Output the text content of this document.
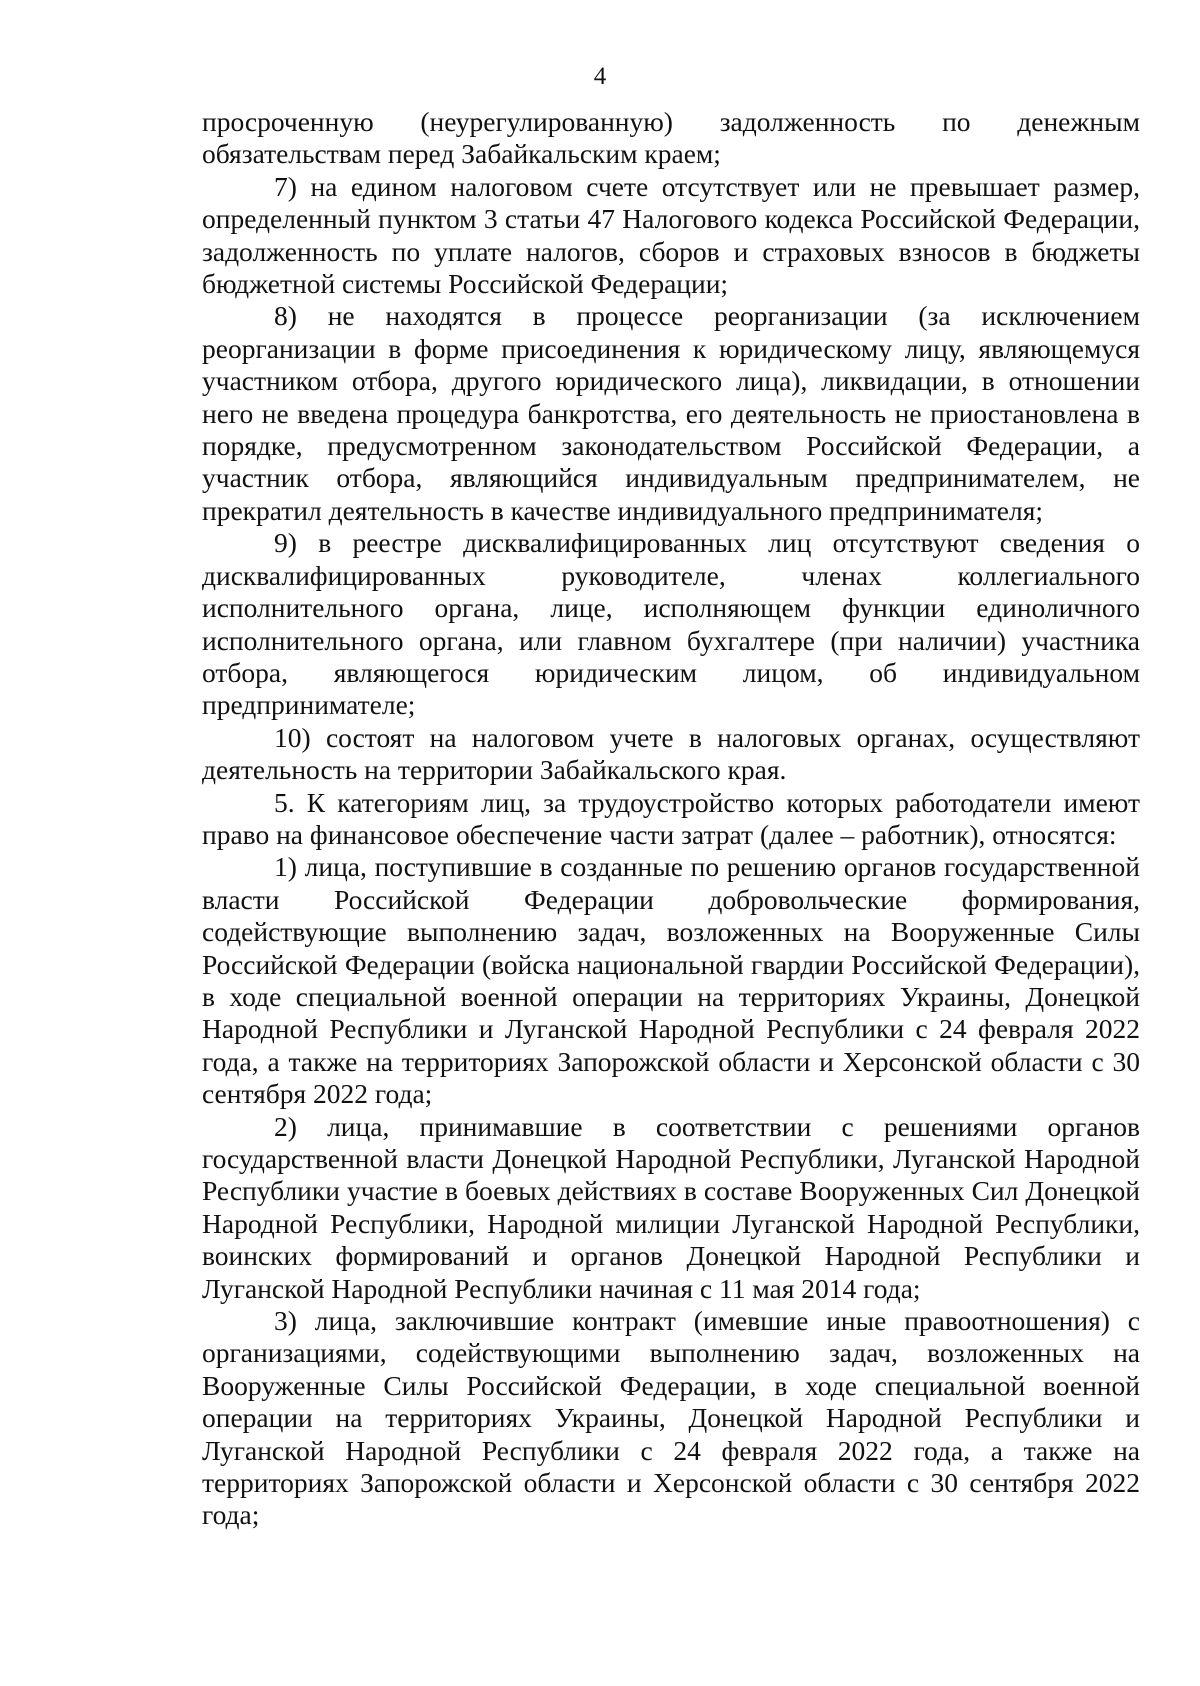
4

просроченную (неурегулированную) задолженность по денежным обязательствам перед Забайкальским краем;

7) на едином налоговом счете отсутствует или не превышает размер, определенный пунктом 3 статьи 47 Налогового кодекса Российской Федерации, задолженность по уплате налогов, сборов и страховых взносов в бюджеты бюджетной системы Российской Федерации;

8) не находятся в процессе реорганизации (за исключением реорганизации в форме присоединения к юридическому лицу, являющемуся участником отбора, другого юридического лица), ликвидации, в отношении него не введена процедура банкротства, его деятельность не приостановлена в порядке, предусмотренном законодательством Российской Федерации, а участник отбора, являющийся индивидуальным предпринимателем, не прекратил деятельность в качестве индивидуального предпринимателя;

9) в реестре дисквалифицированных лиц отсутствуют сведения о дисквалифицированных руководителе, членах коллегиального исполнительного органа, лице, исполняющем функции единоличного исполнительного органа, или главном бухгалтере (при наличии) участника отбора, являющегося юридическим лицом, об индивидуальном предпринимателе;

10) состоят на налоговом учете в налоговых органах, осуществляют деятельность на территории Забайкальского края.

5. К категориям лиц, за трудоустройство которых работодатели имеют право на финансовое обеспечение части затрат (далее – работник), относятся:

1) лица, поступившие в созданные по решению органов государственной власти Российской Федерации добровольческие формирования, содействующие выполнению задач, возложенных на Вооруженные Силы Российской Федерации (войска национальной гвардии Российской Федерации), в ходе специальной военной операции на территориях Украины, Донецкой Народной Республики и Луганской Народной Республики с 24 февраля 2022 года, а также на территориях Запорожской области и Херсонской области с 30 сентября 2022 года;

2) лица, принимавшие в соответствии с решениями органов государственной власти Донецкой Народной Республики, Луганской Народной Республики участие в боевых действиях в составе Вооруженных Сил Донецкой Народной Республики, Народной милиции Луганской Народной Республики, воинских формирований и органов Донецкой Народной Республики и Луганской Народной Республики начиная с 11 мая 2014 года;

3) лица, заключившие контракт (имевшие иные правоотношения) с организациями, содействующими выполнению задач, возложенных на Вооруженные Силы Российской Федерации, в ходе специальной военной операции на территориях Украины, Донецкой Народной Республики и Луганской Народной Республики с 24 февраля 2022 года, а также на территориях Запорожской области и Херсонской области с 30 сентября 2022 года;
